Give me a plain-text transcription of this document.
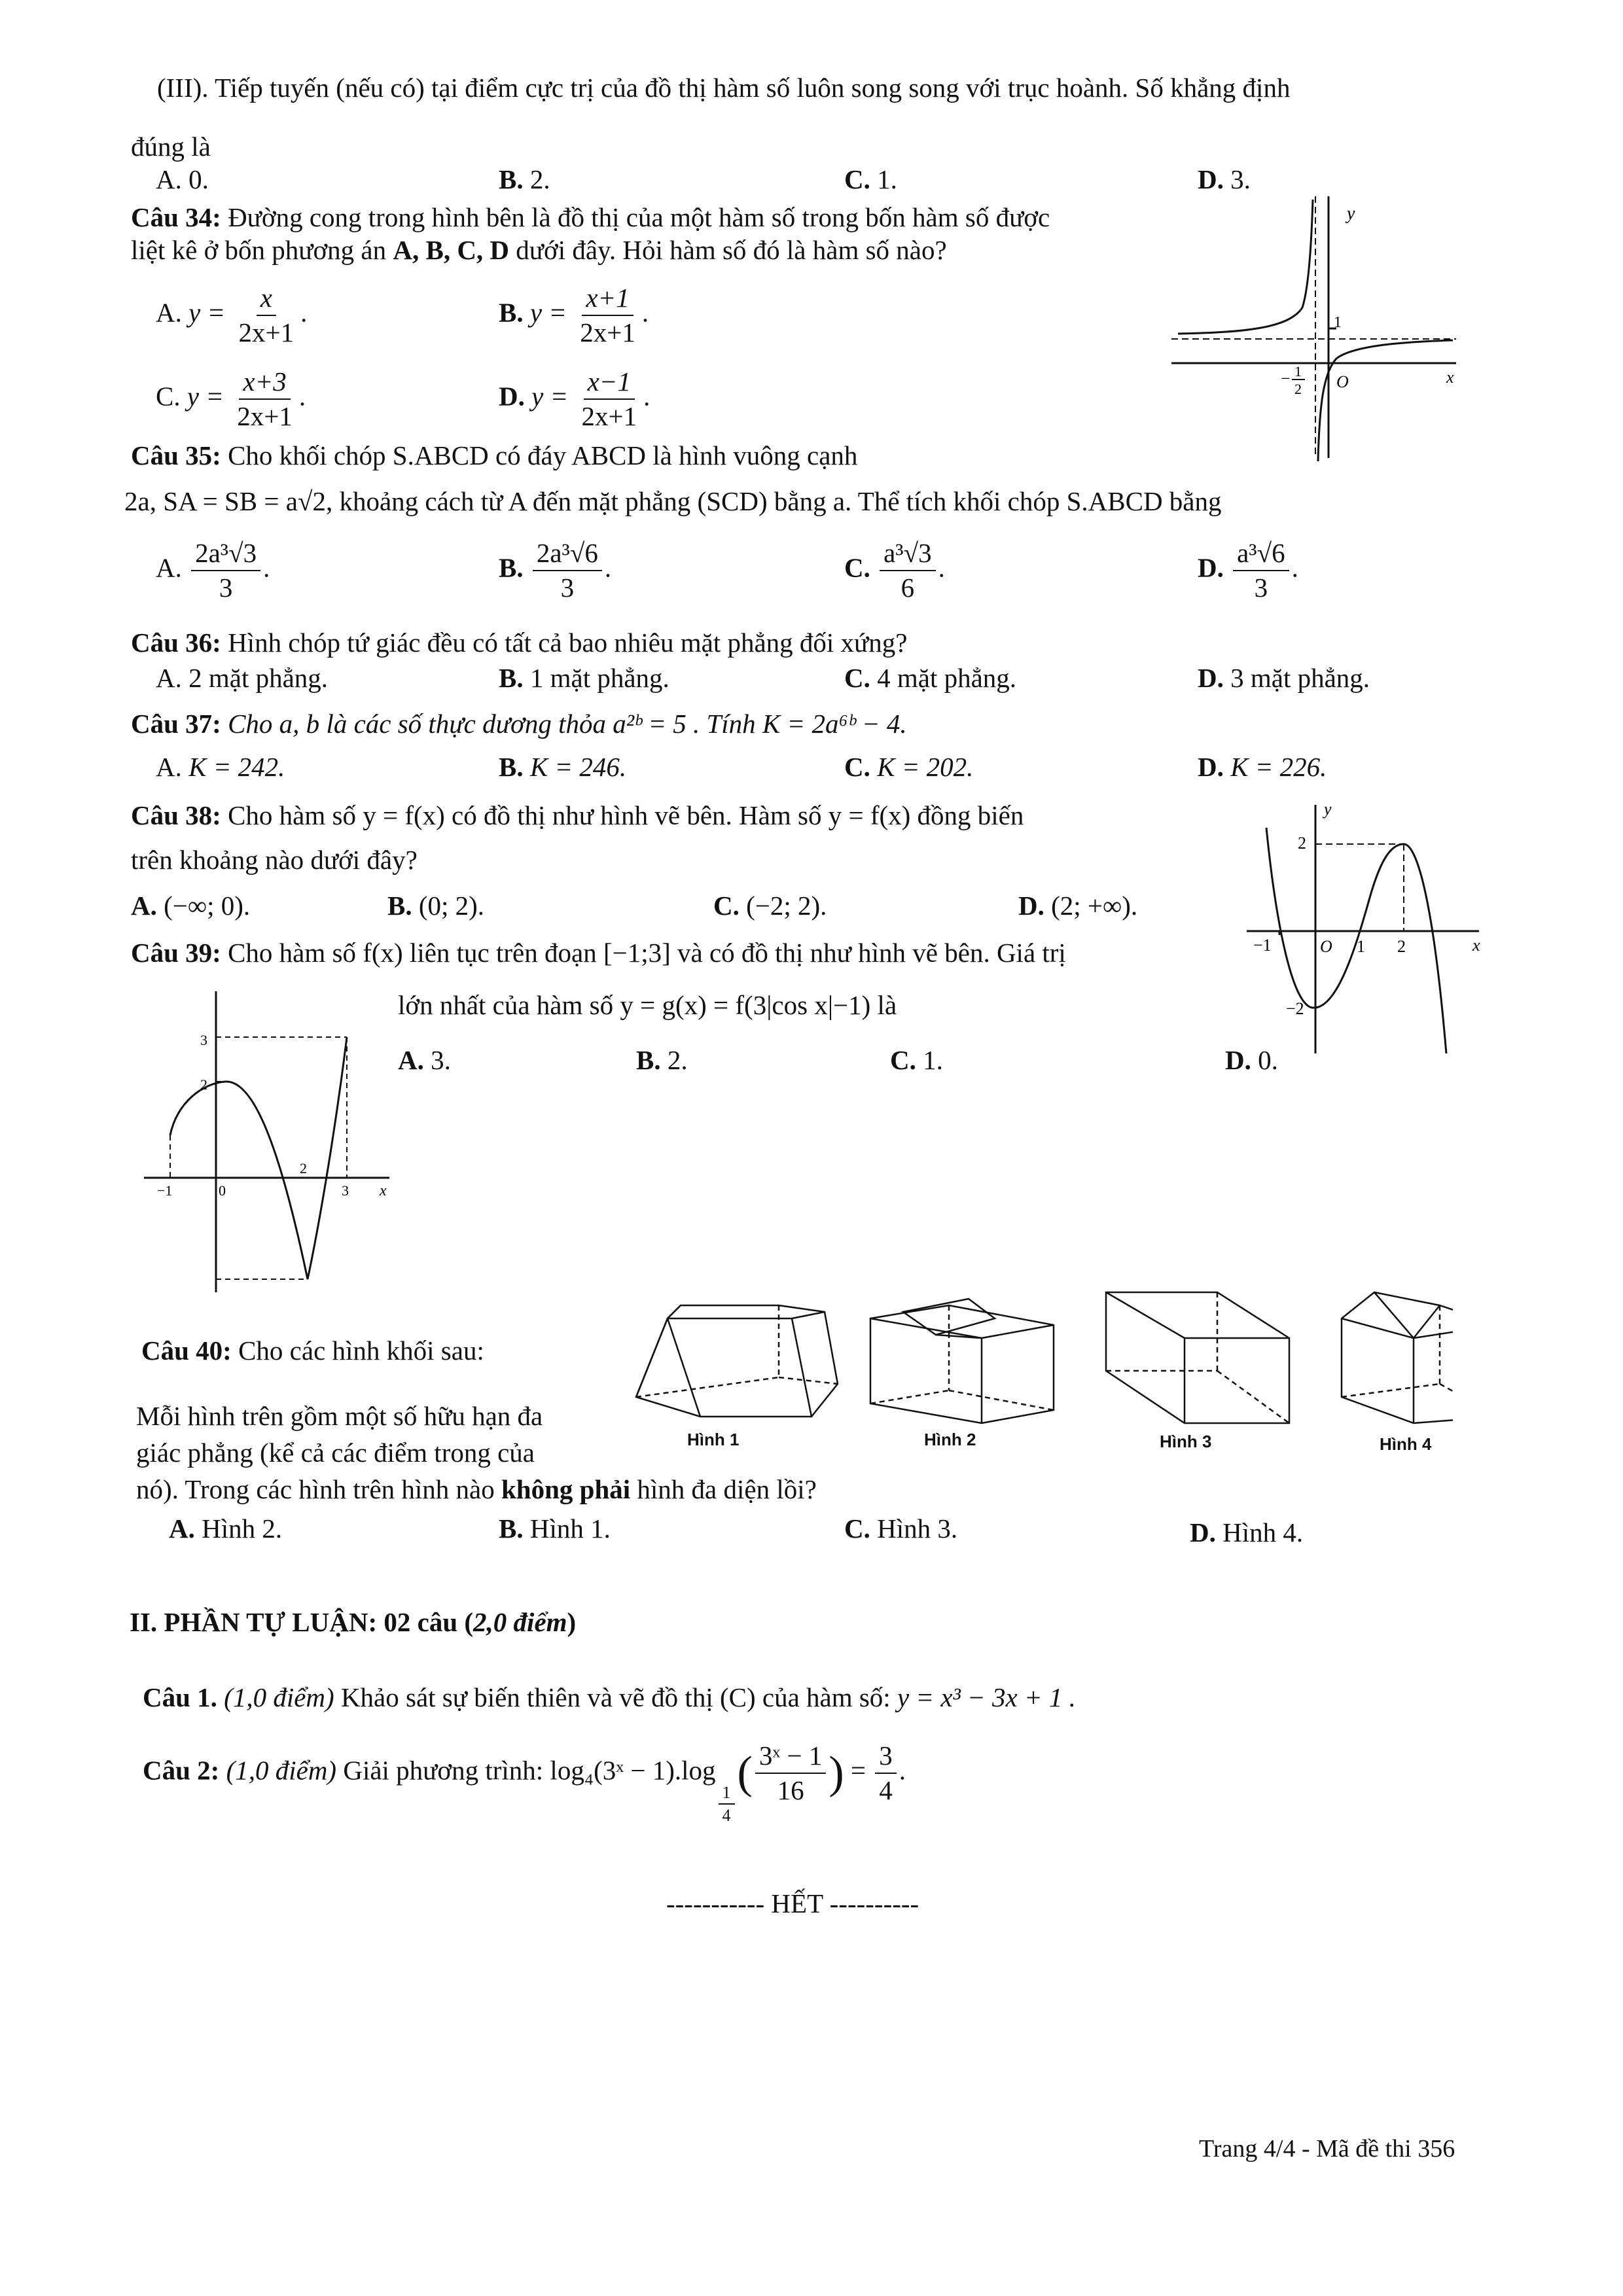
(III). Tiếp tuyến (nếu có) tại điểm cực trị của đồ thị hàm số luôn song song với trục hoành. Số khẳng định
đúng là
A. 0.	B. 2.	C. 1.	D. 3.
Câu 34: Đường cong trong hình bên là đồ thị của một hàm số trong bốn hàm số được
liệt kê ở bốn phương án A, B, C, D dưới đây. Hỏi hàm số đó là hàm số nào?
A. $y = \frac{x}{2x+1}$ .	B. $y = \frac{x+1}{2x+1}$ .
C. $y = \frac{x+3}{2x+1}$ .	D. $y = \frac{x-1}{2x+1}$ .
y
x
O
1
− 1
2
Câu 35: Cho khối chóp S.ABCD có đáy ABCD là hình vuông cạnh
2a, SA = SB = a√2, khoảng cách từ A đến mặt phẳng (SCD) bằng a. Thể tích khối chóp S.ABCD bằng
A. $\frac{\text{2a³√3}}{3}$ .	B. $\frac{\text{2a³√6}}{3}$ .	C. $\frac{\text{a³√3}}{6}$ .	D. $\frac{\text{a³√6}}{3}$ .
Câu 36: Hình chóp tứ giác đều có tất cả bao nhiêu mặt phẳng đối xứng?
A. 2 mặt phẳng.	B. 1 mặt phẳng.	C. 4 mặt phẳng.	D. 3 mặt phẳng.
Câu 37: Cho a, b là các số thực dương thỏa a²ᵇ = 5 . Tính K = 2a⁶ᵇ − 4.
A. K = 242.	B. K = 246.	C. K = 202.	D. K = 226.
Câu 38: Cho hàm số y = f(x) có đồ thị như hình vẽ bên. Hàm số y = f(x) đồng biến
trên khoảng nào dưới đây?
A. (−∞; 0).	B. (0; 2).	C. (−2; 2).	D. (2; +∞).
y
x
2
−1	O 1 2
−2
Câu 39: Cho hàm số f(x) liên tục trên đoạn [−1;3] và có đồ thị như hình vẽ bên. Giá trị
lớn nhất của hàm số y = g(x) = f(3|cos x|−1) là
A. 3.	B. 2.	C. 1.	D. 0.
3
2
−1	0
2
3 x
Câu 40: Cho các hình khối sau:
Mỗi hình trên gồm một số hữu hạn đa
giác phẳng (kể cả các điểm trong của
nó). Trong các hình trên hình nào không phải hình đa diện lồi?
A. Hình 2.	B. Hình 1.	C. Hình 3.	D. Hình 4.
Hình 1	Hình 2	Hình 3	Hình 4
II. PHẦN TỰ LUẬN: 02 câu (2,0 điểm)
Câu 1. (1,0 điểm) Khảo sát sự biến thiên và vẽ đồ thị (C) của hàm số: y = x³ − 3x + 1 .
Câu 2: (1,0 điểm) Giải phương trình: log₄(3ˣ − 1).log
$\frac{1}{4}$
( $\frac{\text{3ˣ − 1}}{16}$ ) = $\frac{3}{4}$ .
----------- HẾT ----------
Trang 4/4 - Mã đề thi 356
